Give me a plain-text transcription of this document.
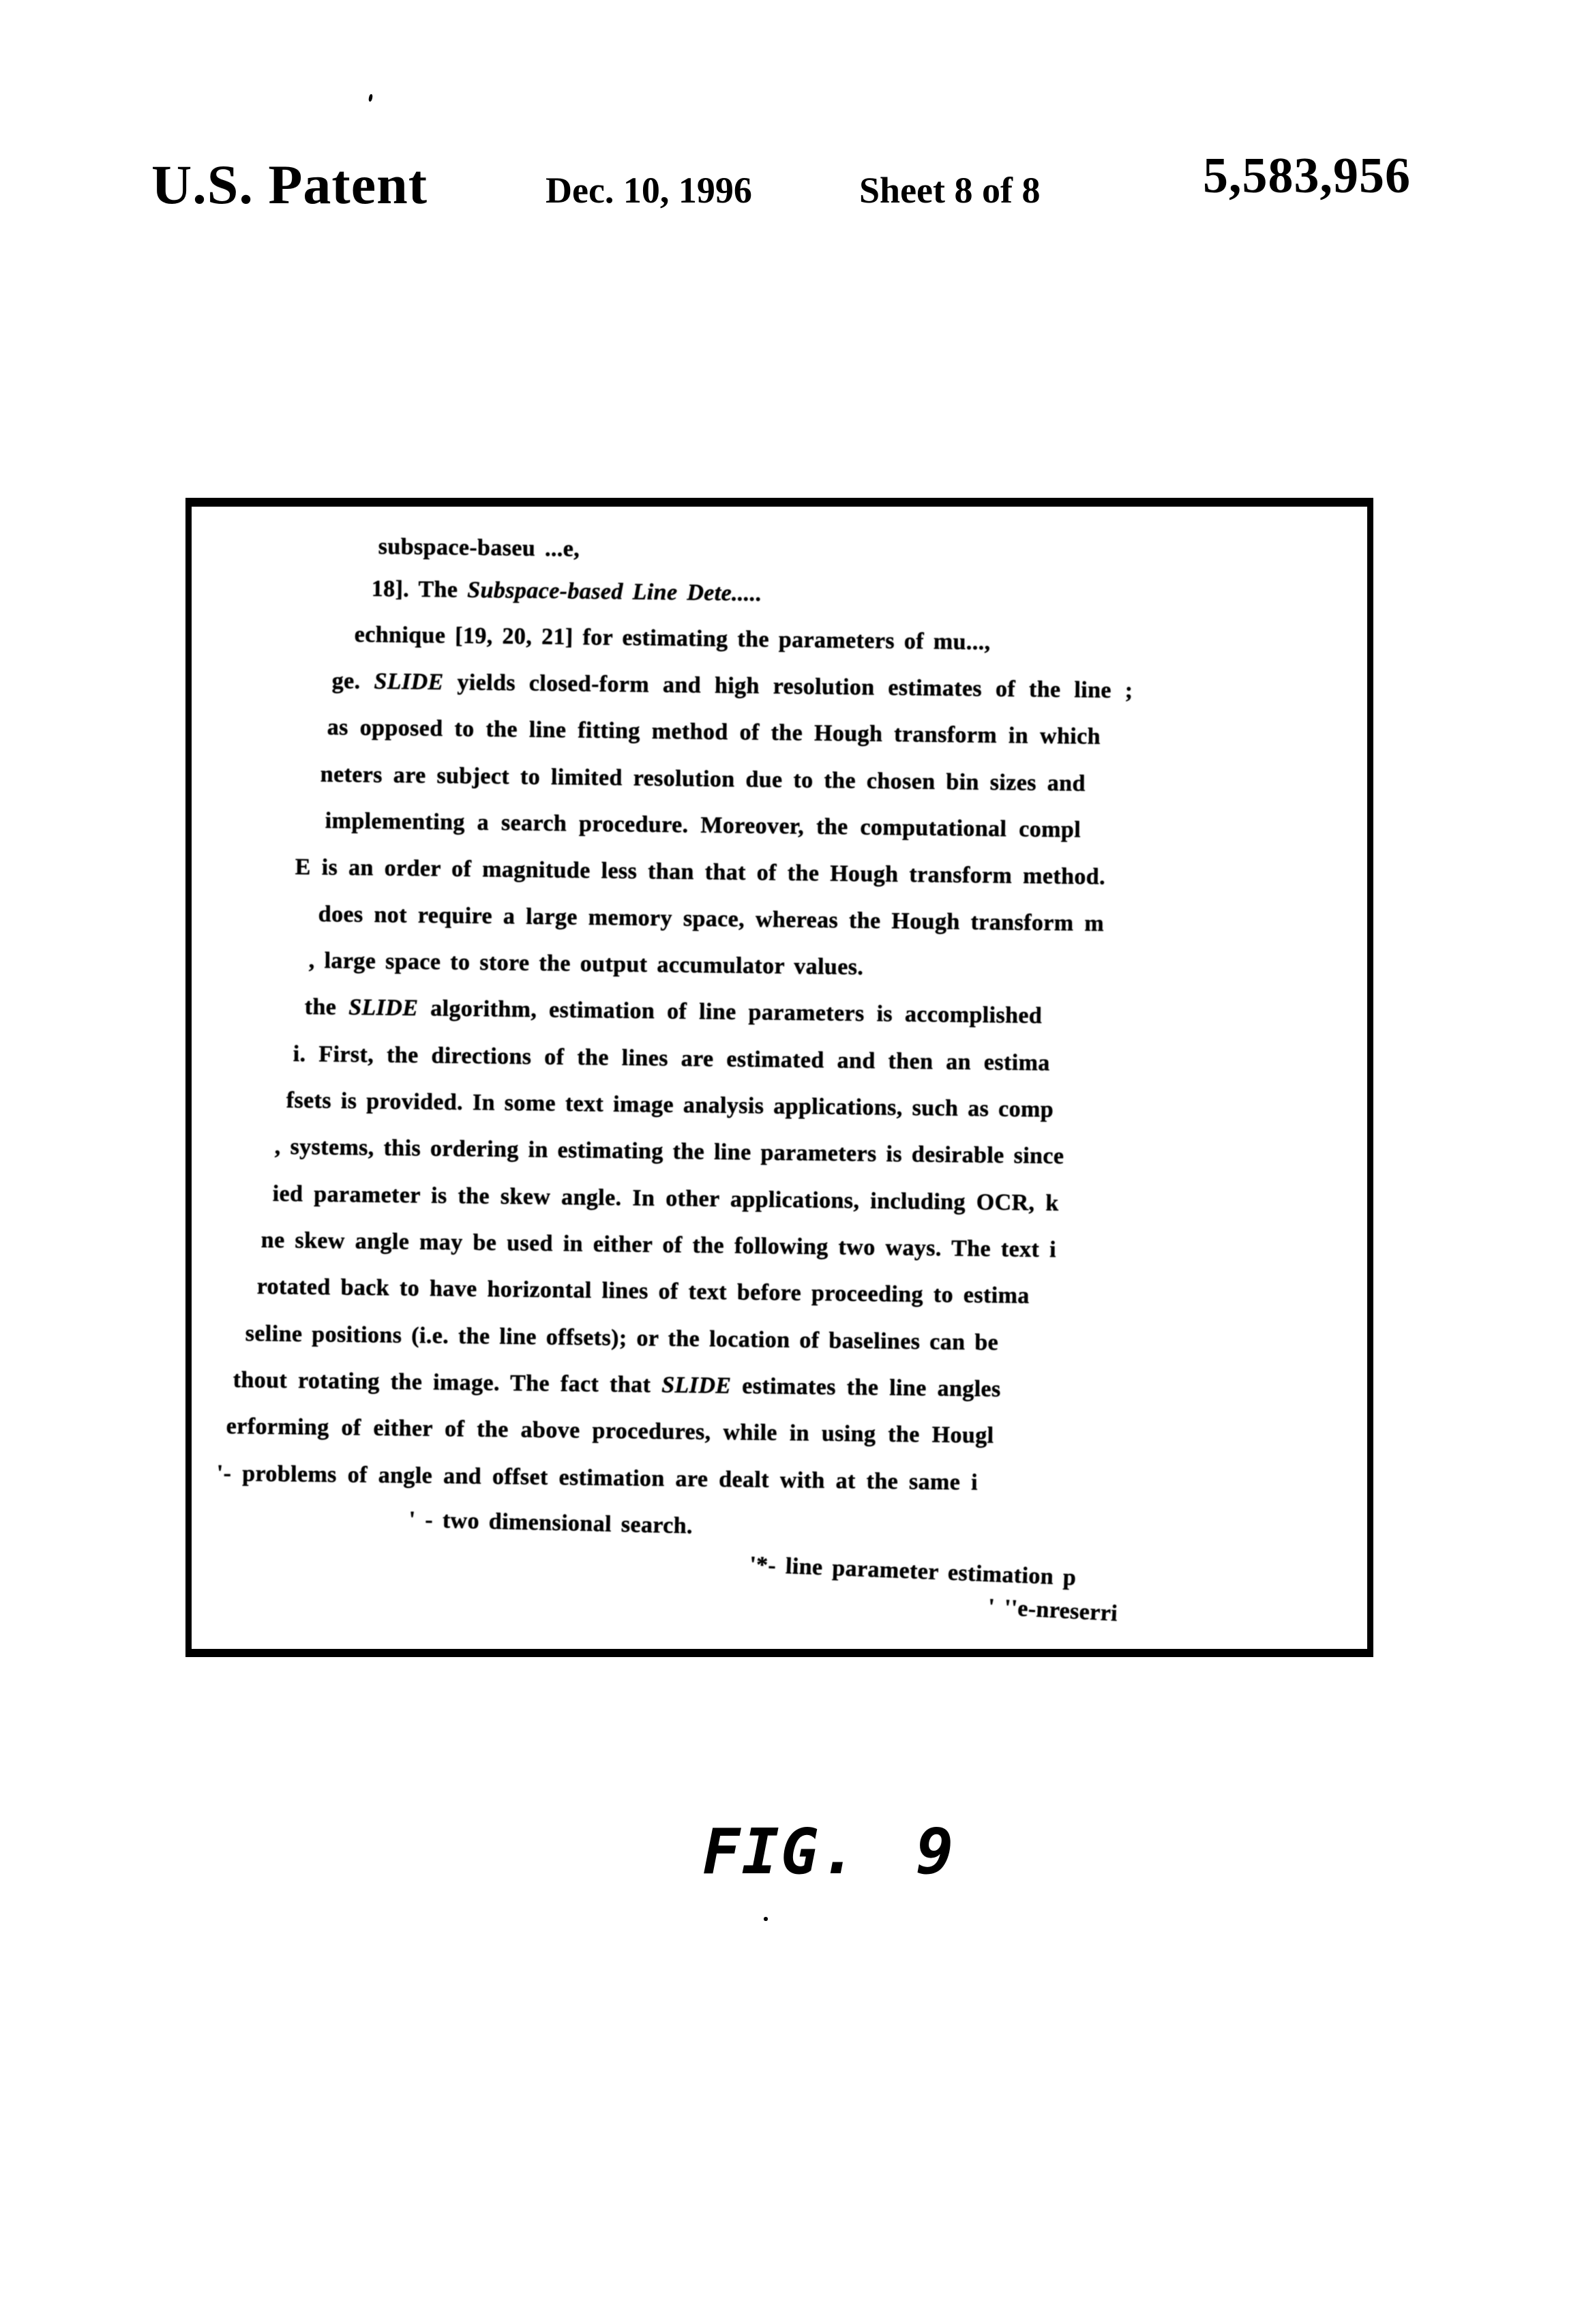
U.S. Patent	Dec. 10, 1996	Sheet 8 of 8	5,583,956
subspace-baseu ...e,
18]. The Subspace-based Line Dete.....
echnique [19, 20, 21] for estimating the parameters of mu...,
ge. SLIDE yields closed-form and high resolution estimates of the line ;
as opposed to the line fitting method of the Hough transform in which
neters are subject to limited resolution due to the chosen bin sizes and
implementing a search procedure. Moreover, the computational compl
E is an order of magnitude less than that of the Hough transform method.
does not require a large memory space, whereas the Hough transform m
, large space to store the output accumulator values.
the SLIDE algorithm, estimation of line parameters is accomplished
i. First, the directions of the lines are estimated and then an estima
fsets is provided. In some text image analysis applications, such as comp
, systems, this ordering in estimating the line parameters is desirable since
ied parameter is the skew angle. In other applications, including OCR, k
ne skew angle may be used in either of the following two ways. The text i
rotated back to have horizontal lines of text before proceeding to estima
seline positions (i.e. the line offsets); or the location of baselines can be
thout rotating the image. The fact that SLIDE estimates the line angles
erforming of either of the above procedures, while in using the Hougl
'- problems of angle and offset estimation are dealt with at the same i
' - two dimensional search.
'*- line parameter estimation p
' ''e-nreserri
FIG. 9
